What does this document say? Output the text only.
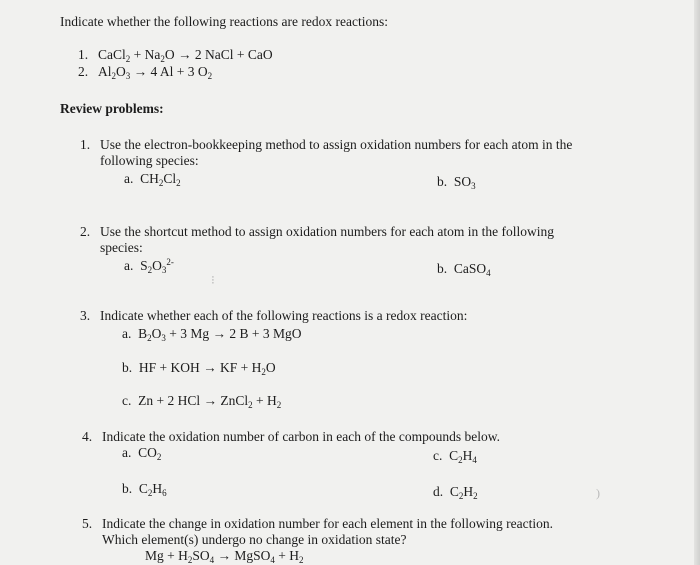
Indicate whether the following reactions are redox reactions:
1. CaCl$_2$ + $Na_2O \to 2$ NaCl + CaO
2. $Al_2O_3 \to 4$ Al + 3 $O_2$
Review problems:
1. Use the electron-bookkeeping method to assign oxidation numbers for each atom in the
following species:
a. $CH_2Cl_2$	b. $SO_3$
2. Use the shortcut method to assign oxidation numbers for each atom in the following
species:
a. $S_2O_3^{2-}$	b. CaSO$_4$
⁝
3. Indicate whether each of the following reactions is a redox reaction:
a. $B_2O_3 + 3$ Mg → 2 B + 3 MgO
b. HF + KOH → KF + $H_2O$
c. Zn + 2 HCl → ZnCl$_2$ + $H_2$
4. Indicate the oxidation number of carbon in each of the compounds below.
a. $CO_2$	c. $C_2H_4$
b. $C_2H_6$	d. $C_2H_2$	)
5. Indicate the change in oxidation number for each element in the following reaction.
Which element(s) undergo no change in oxidation state?
$Mg + H_2SO_4$ → MgSO$_4$ + $H_2$
